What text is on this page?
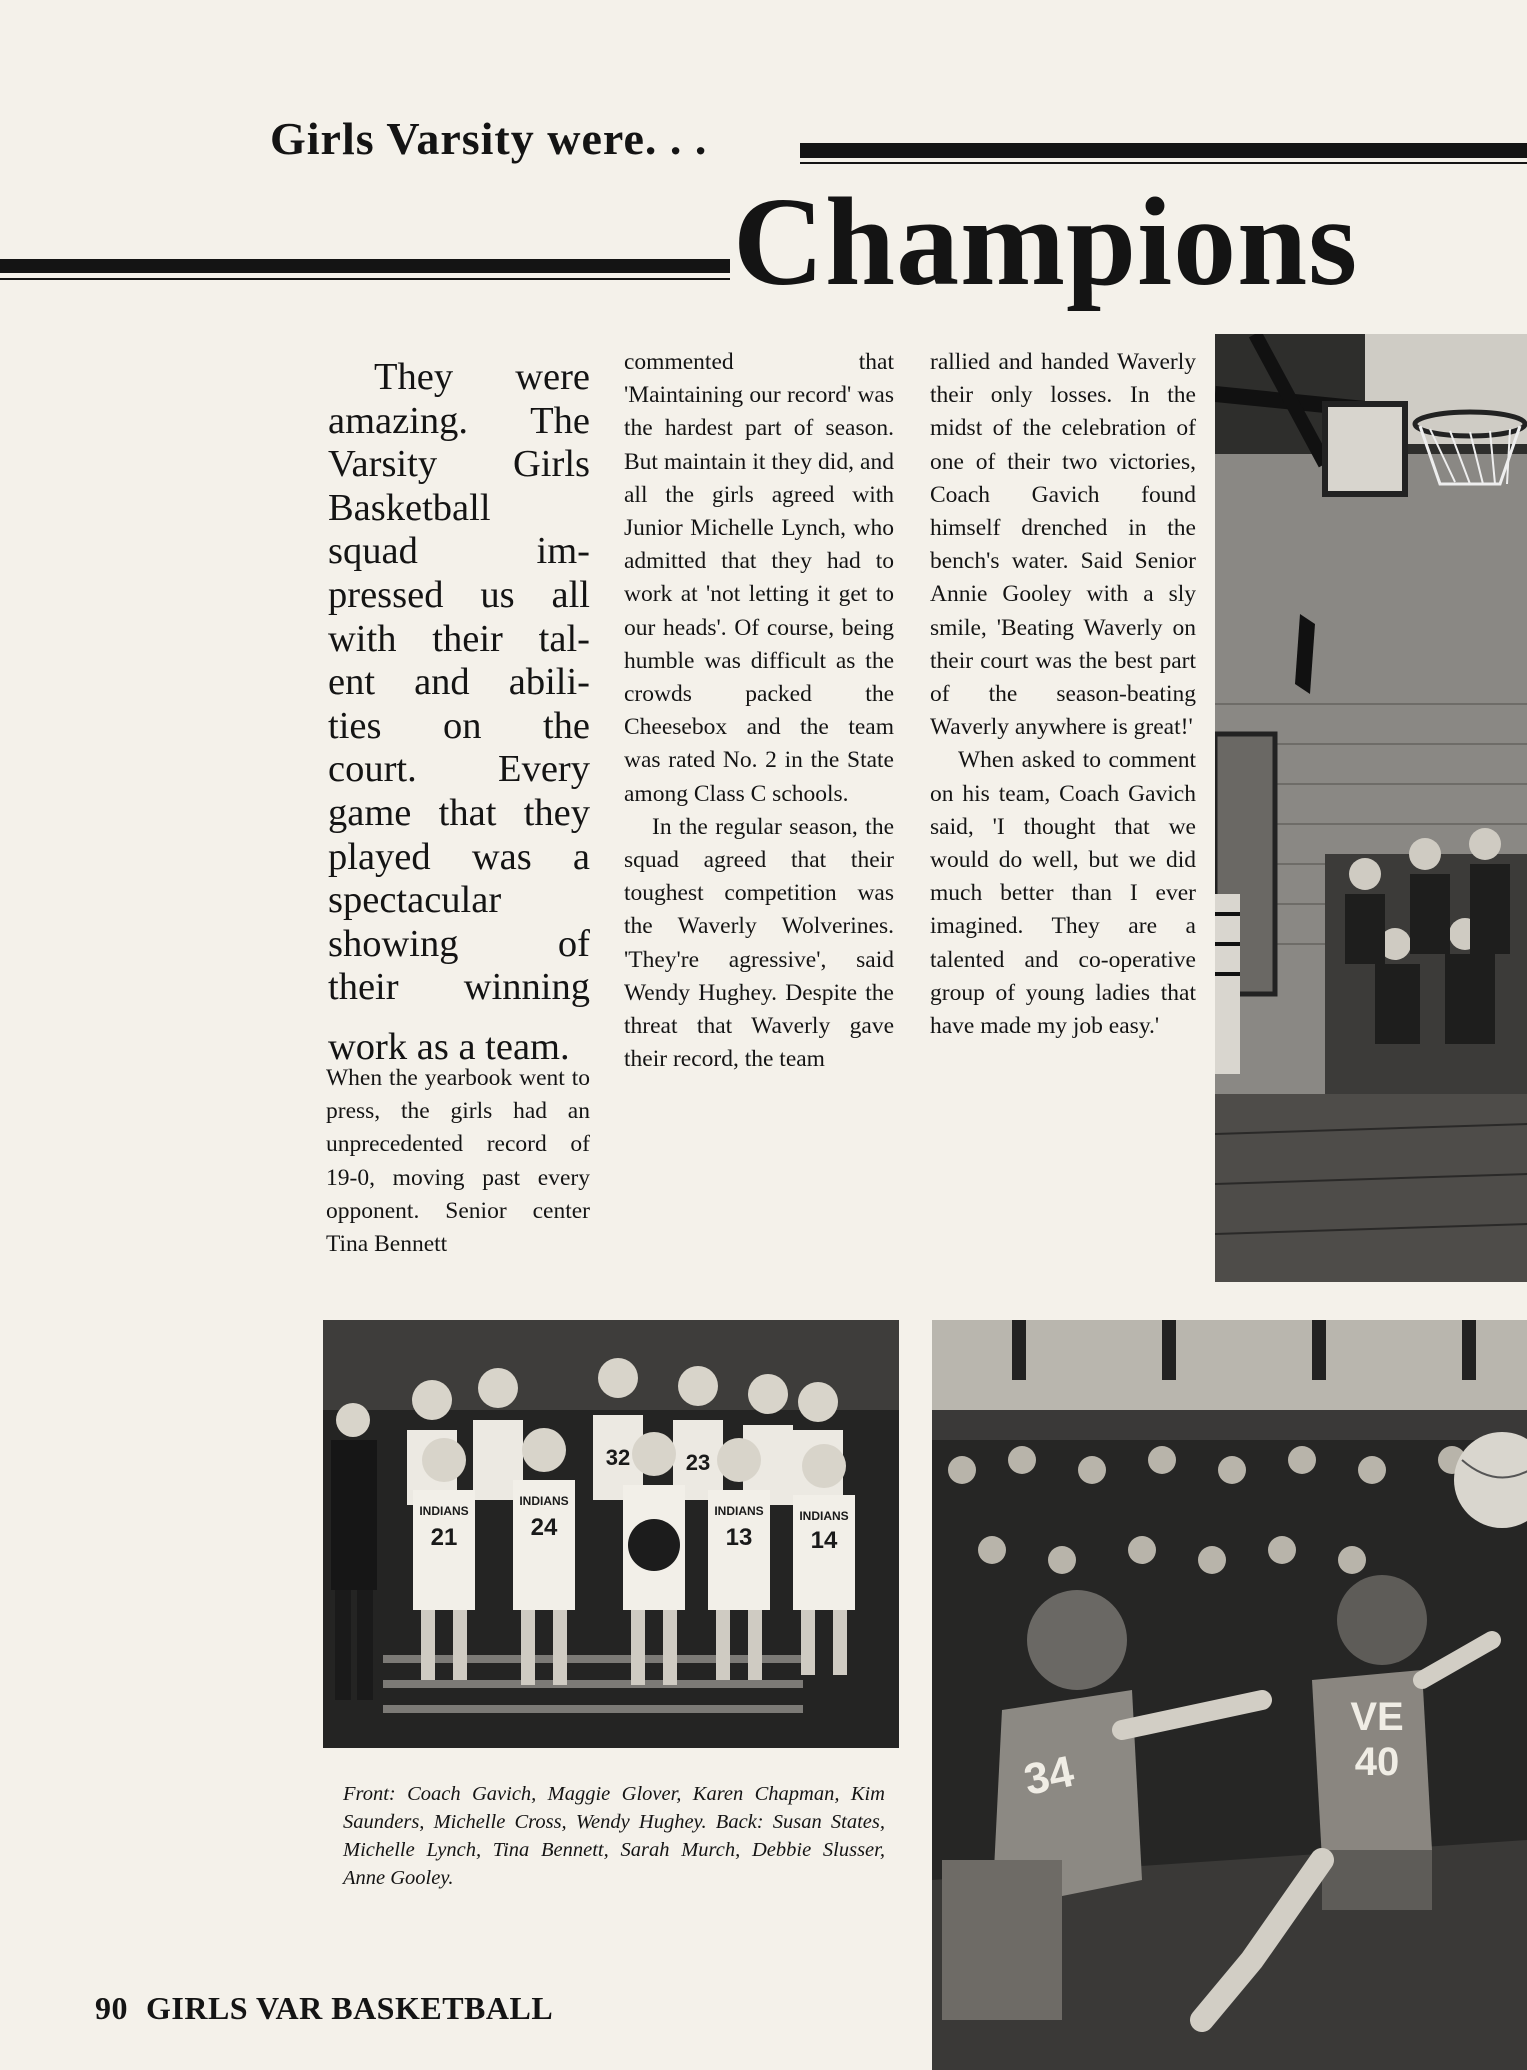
Girls Varsity were. . .
Champions
They were
amazing. The
Varsity Girls
Basketball
squad im-
pressed us all
with their tal-
ent and abili-
ties on the
court. Every
game that they
played was a
spectacular
showing of
their winning
work as a team.

When the yearbook went to press, the girls had an unprecedented record of 19-0, moving past every opponent. Senior center Tina Bennett

commented that 'Maintaining our record' was the hardest part of season. But maintain it they did, and all the girls agreed with Junior Michelle Lynch, who admitted that they had to work at 'not letting it get to our heads'. Of course, being humble was difficult as the crowds packed the Cheesebox and the team was rated No. 2 in the State among Class C schools.

In the regular season, the squad agreed that their toughest competition was the Waverly Wolverines. 'They're agressive', said Wendy Hughey. Despite the threat that Waverly gave their record, the team

rallied and handed Waverly their only losses. In the midst of the celebration of one of their two victories, Coach Gavich found himself drenched in the bench's water. Said Senior Annie Gooley with a sly smile, 'Beating Waverly on their court was the best part of the season-beating Waverly anywhere is great!'

When asked to comment on his team, Coach Gavich said, 'I thought that we would do well, but we did much better than I ever imagined. They are a talented and co-operative group of young ladies that have made my job easy.'

INDIANS
21
INDIANS
24
INDIANS
13
INDIANS
14
32	23
34
VE
40
Front: Coach Gavich, Maggie Glover, Karen Chapman, Kim Saunders, Michelle Cross, Wendy Hughey. Back: Susan States, Michelle Lynch, Tina Bennett, Sarah Murch, Debbie Slusser, Anne Gooley.
90 GIRLS VAR BASKETBALL
